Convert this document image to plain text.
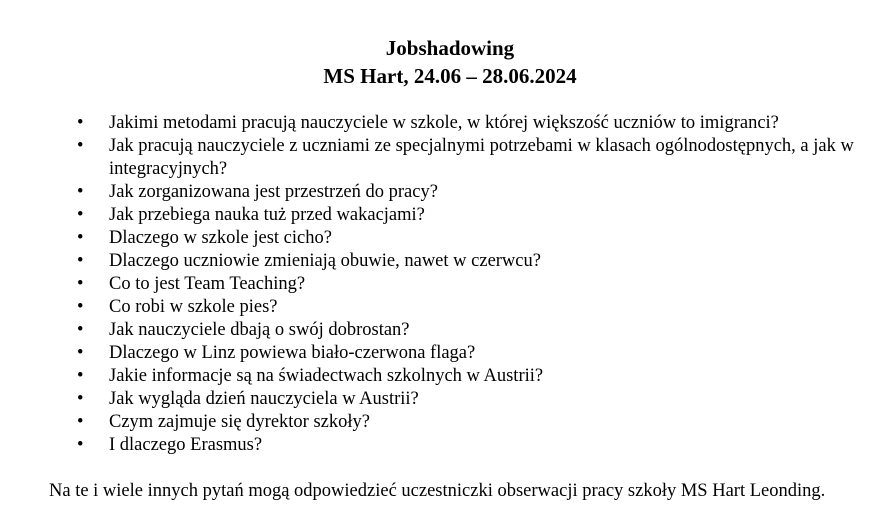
Jobshadowing
MS Hart, 24.06 – 28.06.2024
• Jakimi metodami pracują nauczyciele w szkole, w której większość uczniów to imigranci?
• Jak pracują nauczyciele z uczniami ze specjalnymi potrzebami w klasach ogólnodostępnych, a jak w integracyjnych?
• Jak zorganizowana jest przestrzeń do pracy?
• Jak przebiega nauka tuż przed wakacjami?
• Dlaczego w szkole jest cicho?
• Dlaczego uczniowie zmieniają obuwie, nawet w czerwcu?
• Co to jest Team Teaching?
• Co robi w szkole pies?
• Jak nauczyciele dbają o swój dobrostan?
• Dlaczego w Linz powiewa biało-czerwona flaga?
• Jakie informacje są na świadectwach szkolnych w Austrii?
• Jak wygląda dzień nauczyciela w Austrii?
• Czym zajmuje się dyrektor szkoły?
• I dlaczego Erasmus?
Na te i wiele innych pytań mogą odpowiedzieć uczestniczki obserwacji pracy szkoły MS Hart Leonding.
